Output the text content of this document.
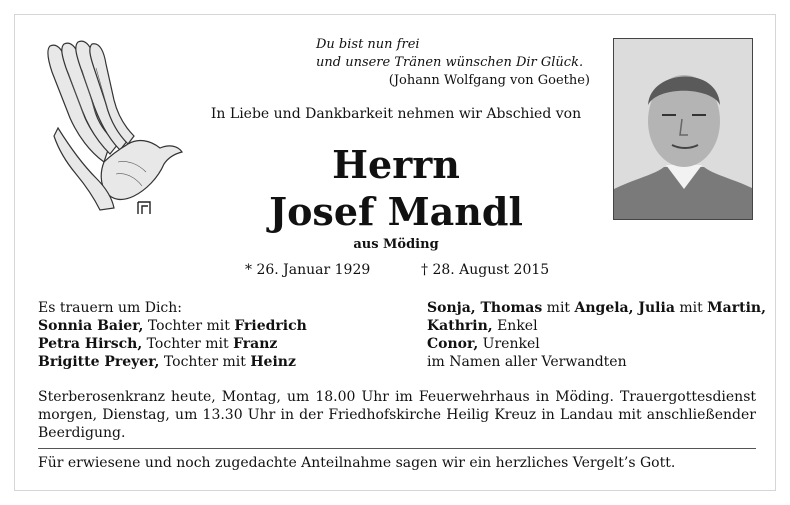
Du bist nun frei
und unsere Tränen wünschen Dir Glück.
(Johann Wolfgang von Goethe)
In Liebe und Dankbarkeit nehmen wir Abschied von
Herrn
Josef Mandl
aus Möding
* 26. Januar 1929	† 28. August 2015
Es trauern um Dich:
Sonnia Baier, Tochter mit Friedrich
Petra Hirsch, Tochter mit Franz
Brigitte Preyer, Tochter mit Heinz
Sonja, Thomas mit Angela, Julia mit Martin,
Kathrin, Enkel
Conor, Urenkel
im Namen aller Verwandten
Sterberosenkranz heute, Montag, um 18.00 Uhr im Feuerwehrhaus in Möding. Trauergottesdienst morgen, Dienstag, um 13.30 Uhr in der Friedhofskirche Heilig Kreuz in Landau mit anschließender Beerdigung.
Für erwiesene und noch zugedachte Anteilnahme sagen wir ein herzliches Vergelt’s Gott.
